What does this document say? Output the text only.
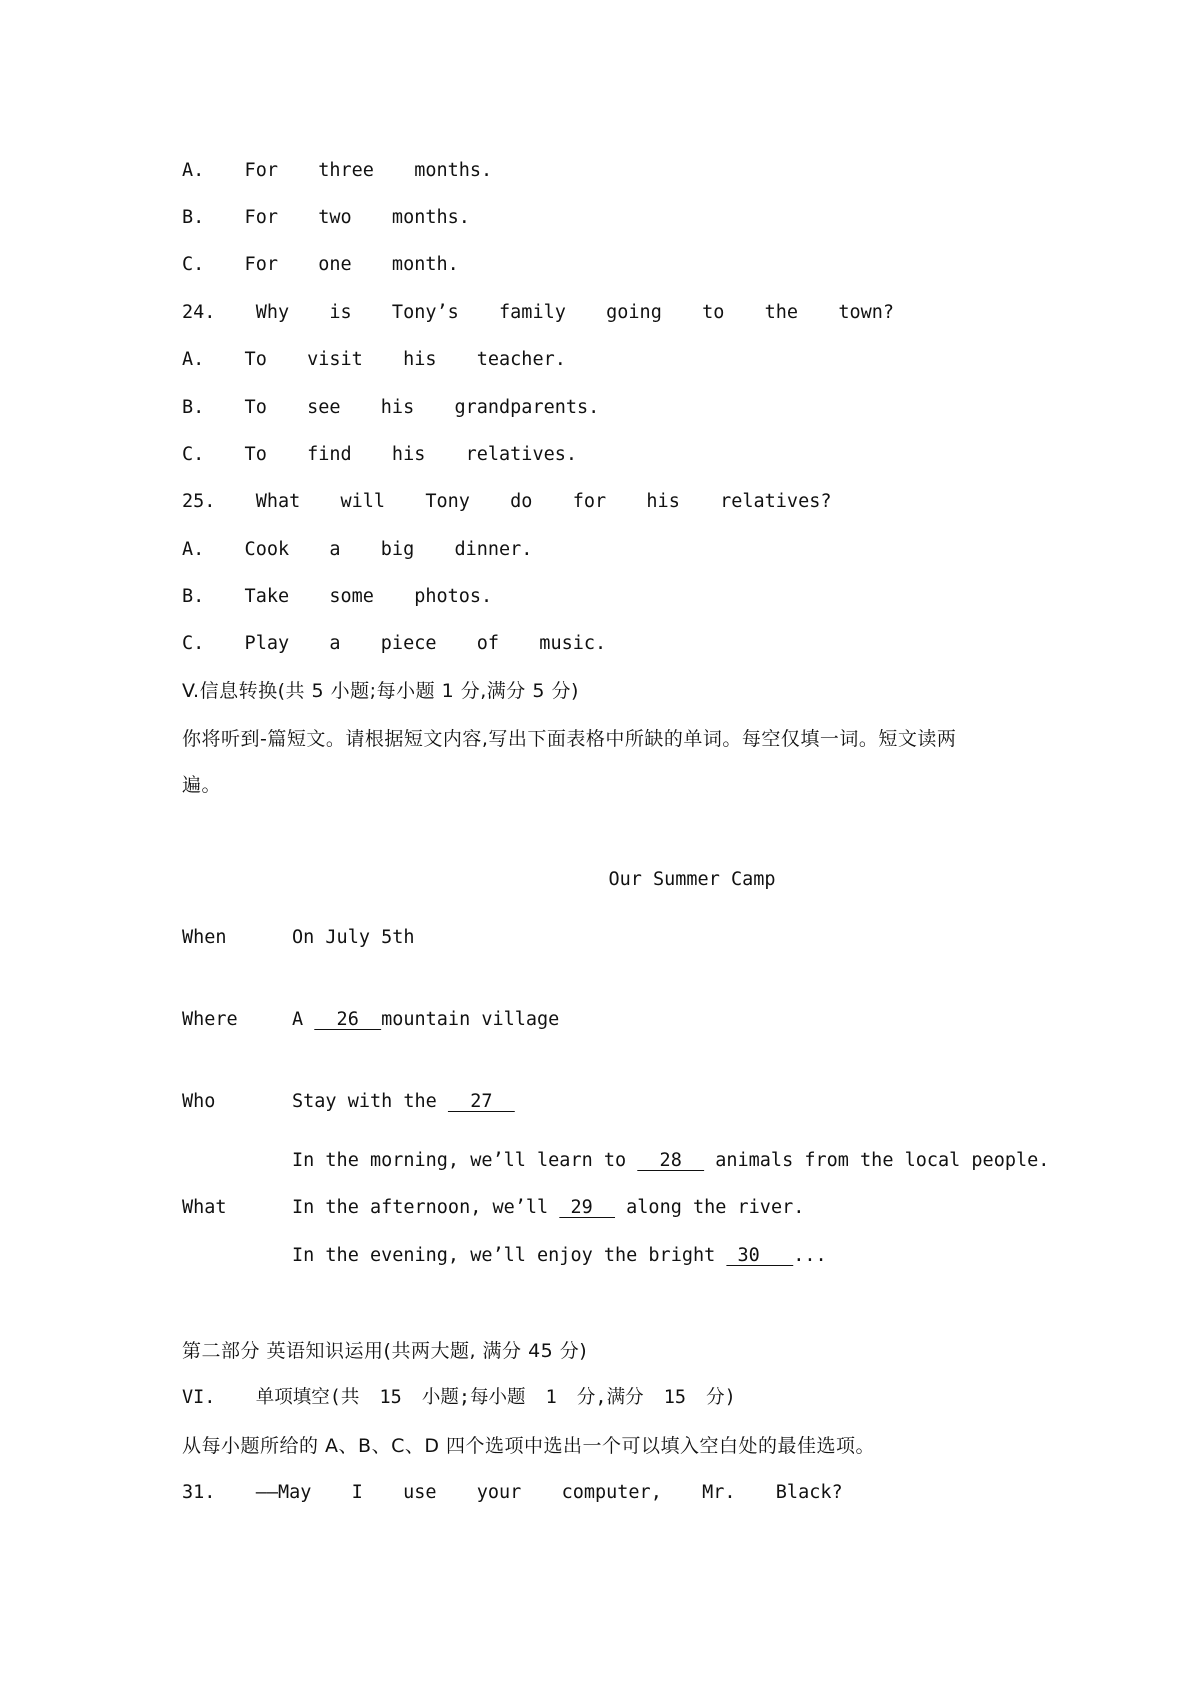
A.  For  three  months.

B.  For  two  months.

C.  For  one  month.

24.  Why  is  Tony’s  family  going  to  the  town?

A.  To  visit  his  teacher.

B.  To  see  his  grandparents.

C.  To  find  his  relatives.

25.  What  will  Tony  do  for  his  relatives?

A.  Cook  a  big  dinner.

B.  Take  some  photos.

C.  Play  a  piece  of  music.

V.信息转换(共 5 小题;每小题 1 分,满分 5 分)

你将听到-篇短文。请根据短文内容,写出下面表格中所缺的单词。每空仅填一词。短文读两

遍。

Our Summer Camp

When	On July 5th

Where	A   26  mountain village

Who	Stay with the   27

In the morning, we’ll learn to   28   animals from the local people.

What	In the afternoon, we’ll  29   along the river.

In the evening, we’ll enjoy the bright  30   ...

第二部分 英语知识运用(共两大题, 满分 45 分)

VI.  单项填空(共 15 小题;每小题 1 分,满分 15 分)

从每小题所给的 A、B、C、D 四个选项中选出一个可以填入空白处的最佳选项。

31.  ——May  I  use  your  computer,  Mr.  Black?
